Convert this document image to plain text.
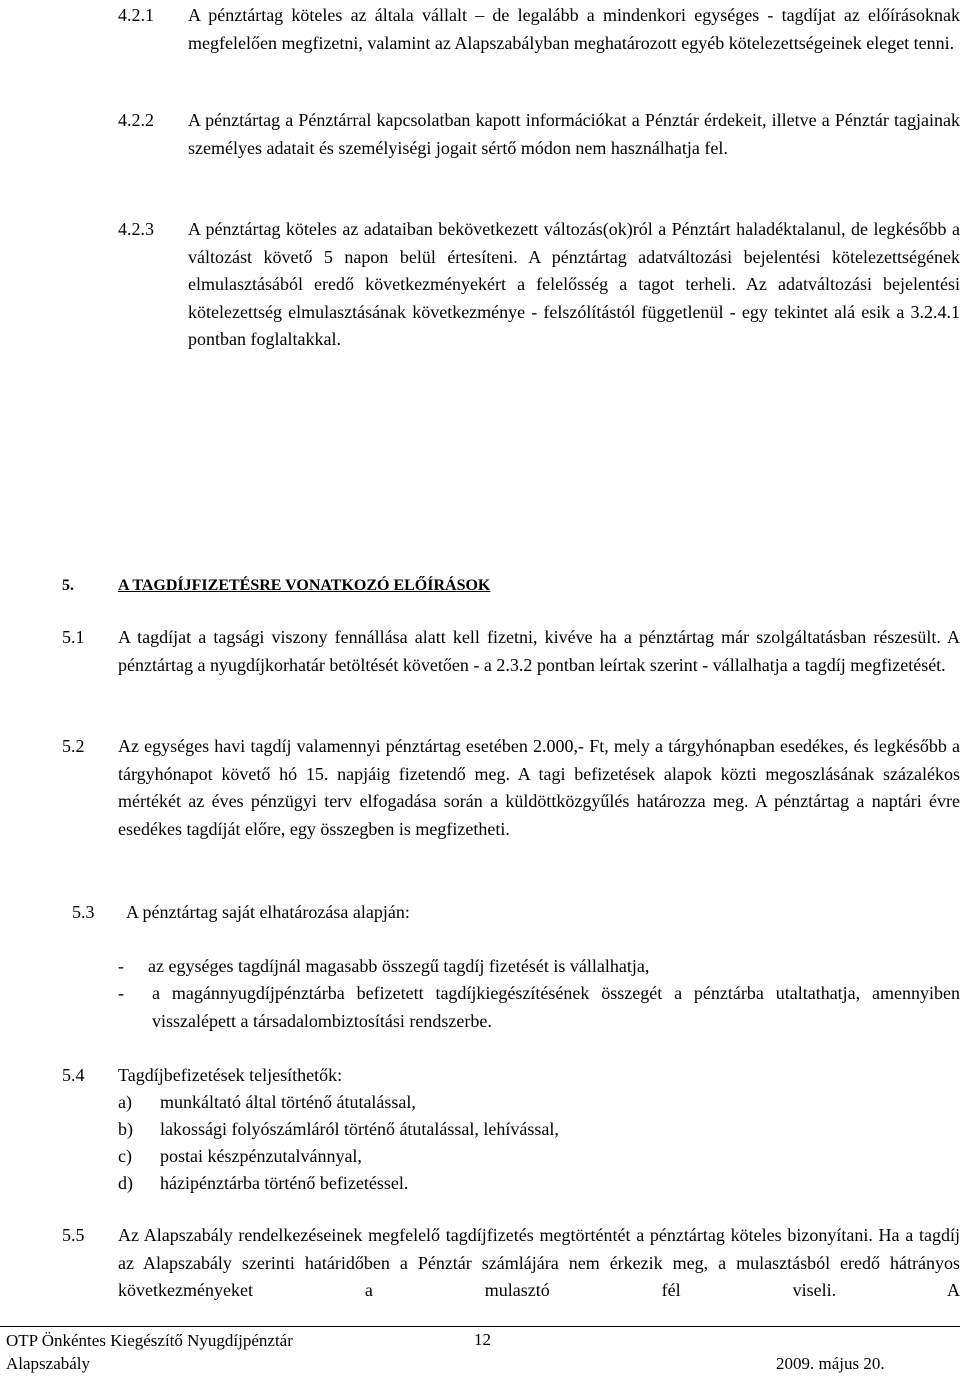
4.2.1 A pénztártag köteles az általa vállalt – de legalább a mindenkori egységes - tagdíjat az előírásoknak megfelelően megfizetni, valamint az Alapszabályban meghatározott egyéb kötelezettségeinek eleget tenni.
4.2.2 A pénztártag a Pénztárral kapcsolatban kapott információkat a Pénztár érdekeit, illetve a Pénztár tagjainak személyes adatait és személyiségi jogait sértő módon nem használhatja fel.
4.2.3 A pénztártag köteles az adataiban bekövetkezett változás(ok)ról a Pénztárt haladéktalanul, de legkésőbb a változást követő 5 napon belül értesíteni. A pénztártag adatváltozási bejelentési kötelezettségének elmulasztásából eredő következményekért a felelősség a tagot terheli. Az adatváltozási bejelentési kötelezettség elmulasztásának következménye - felszólítástól függetlenül - egy tekintet alá esik a 3.2.4.1 pontban foglaltakkal.
5.	A TAGDÍJFIZETÉSRE VONATKOZÓ ELŐÍRÁSOK
5.1 A tagdíjat a tagsági viszony fennállása alatt kell fizetni, kivéve ha a pénztártag már szolgáltatásban részesült. A pénztártag a nyugdíjkorhatár betöltését követően - a 2.3.2 pontban leírtak szerint - vállalhatja a tagdíj megfizetését.
5.2 Az egységes havi tagdíj valamennyi pénztártag esetében 2.000,- Ft, mely a tárgyhónapban esedékes, és legkésőbb a tárgyhónapot követő hó 15. napjáig fizetendő meg. A tagi befizetések alapok közti megoszlásának százalékos mértékét az éves pénzügyi terv elfogadása során a küldöttközgyűlés határozza meg. A pénztártag a naptári évre esedékes tagdíját előre, egy összegben is megfizetheti.
5.3 A pénztártag saját elhatározása alapján:
- az egységes tagdíjnál magasabb összegű tagdíj fizetését is vállalhatja,
- a magánnyugdíjpénztárba befizetett tagdíjkiegészítésének összegét a pénztárba utaltathatja, amennyiben visszalépett a társadalombiztosítási rendszerbe.
5.4 Tagdíjbefizetések teljesíthetők:
a) munkáltató által történő átutalással,
b) lakossági folyószámláról történő átutalással, lehívással,
c) postai készpénzutalvánnyal,
d) házipénztárba történő befizetéssel.
5.5 Az Alapszabály rendelkezéseinek megfelelő tagdíjfizetés megtörténtét a pénztártag köteles bizonyítani. Ha a tagdíj az Alapszabály szerinti határidőben a Pénztár számlájára nem érkezik meg, a mulasztásból eredő hátrányos következményeket a mulasztó fél viseli. A
OTP Önkéntes Kiegészítő Nyugdíjpénztár	12
Alapszabály	2009. május 20.
